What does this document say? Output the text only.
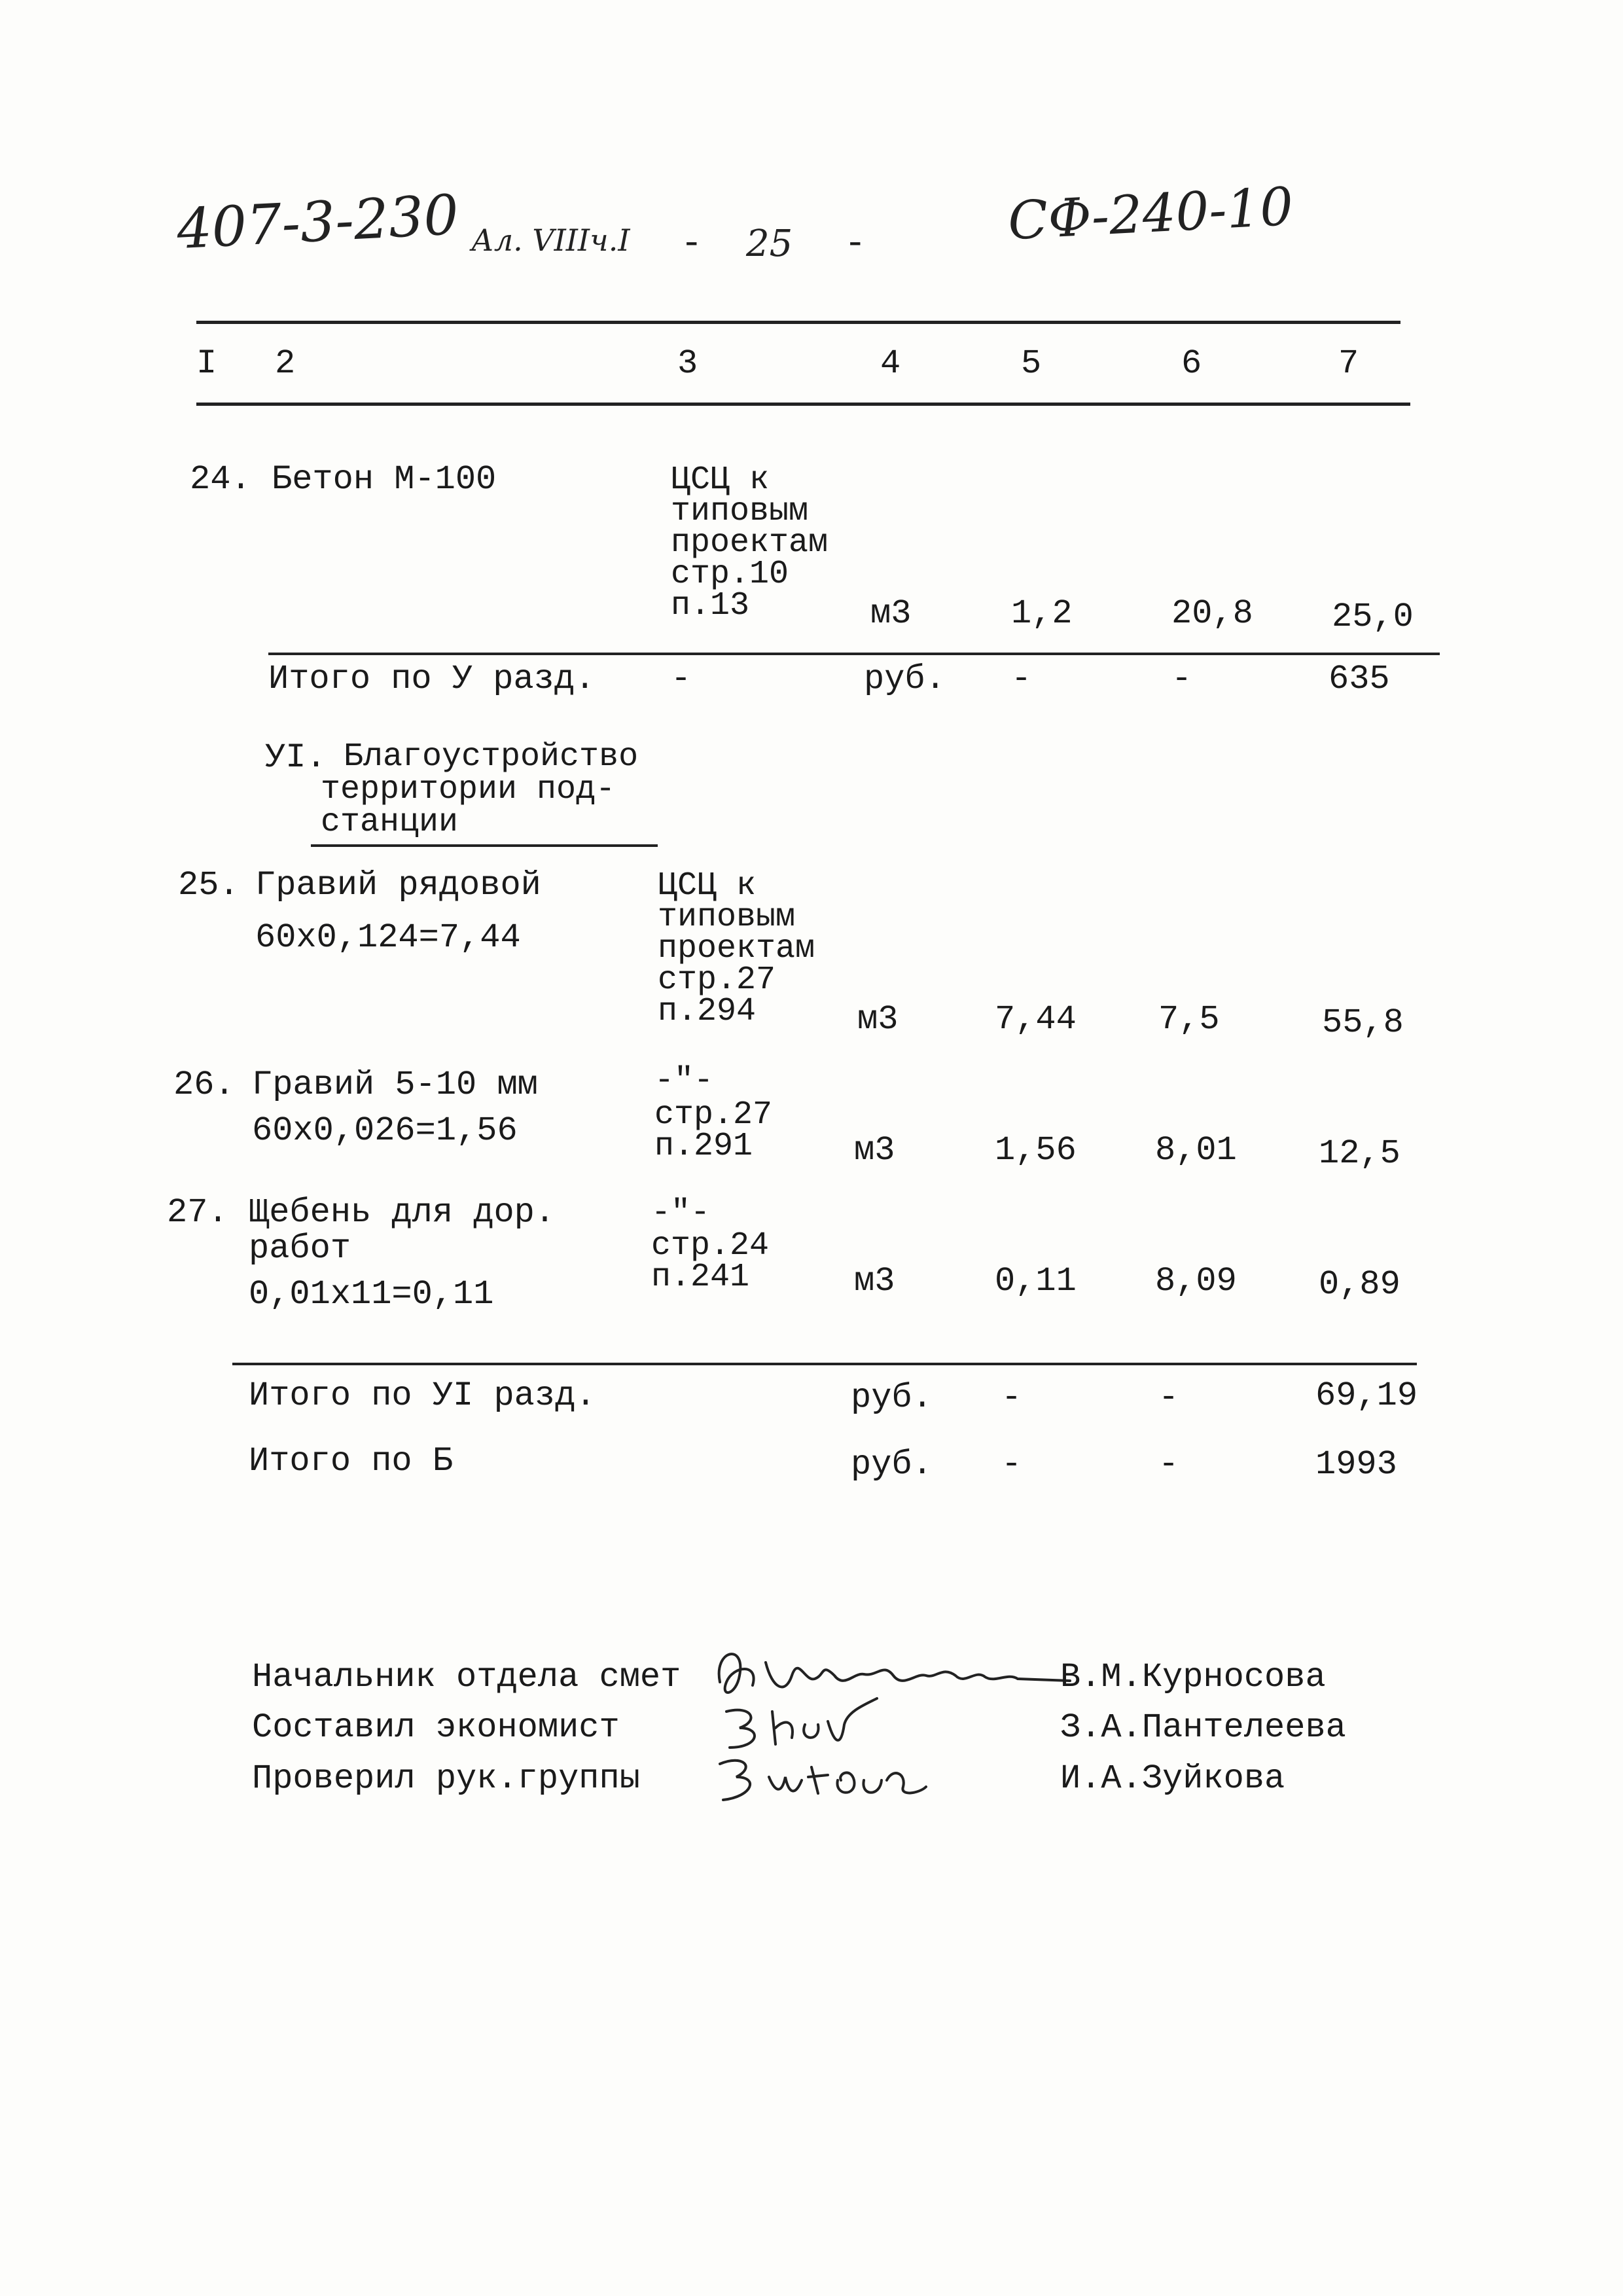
407-3-230 Ал. VIIIч.I - 25 -	СФ-240-10
I 2	3	4	5	6	7
24. Бетон М-100	ЦСЦ к
типовым
проектам
стр.10
п.13	м3	1,2	20,8 25,0
Итого по У разд. -	руб. -	-	635
УI. Благоустройство
территории под-
станции
25. Гравий рядовой
60х0,124=7,44
ЦСЦ к
типовым
проектам
стр.27
п.294	м3	7,44 7,5	55,8
26. Гравий 5-10 мм
60х0,026=1,56
-"-
стр.27
п.291	м3	1,56 8,01 12,5
27. Щебень для дор.
работ
0,01х11=0,11
-"-
стр.24
п.241	м3	0,11 8,09 0,89
Итого по УI разд.	руб. -	-	69,19
Итого по Б	руб. -	-	1993
Начальник отдела смет
Составил экономист
Проверил рук.группы
В.М.Курносова
З.А.Пантелеева
И.А.Зуйкова
